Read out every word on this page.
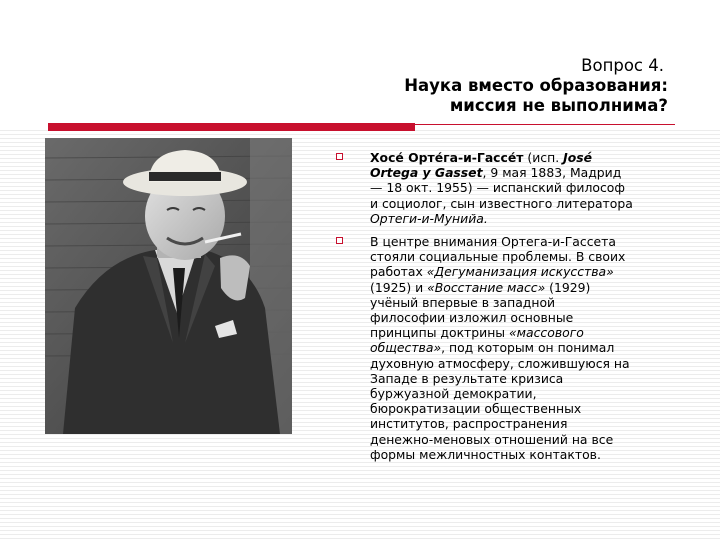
Вопрос 4.
Наука вместо образования:
миссия не выполнима?
Хосе́ Орте́га-и-Гассе́т (исп. José Ortega y Gasset, 9 мая 1883, Мадрид — 18 окт. 1955) — испанский философ и социолог, сын известного литератора Ортеги-и-Мунийа.
В центре внимания Ортега-и-Гассета стояли социальные проблемы. В своих работах «Дегуманизация искусства» (1925) и «Восстание масс» (1929) учёный впервые в западной философии изложил основные принципы доктрины «массового общества», под которым он понимал духовную атмосферу, сложившуюся на Западе в результате кризиса буржуазной демократии, бюрократизации общественных институтов, распространения денежно-меновых отношений на все формы межличностных контактов.
